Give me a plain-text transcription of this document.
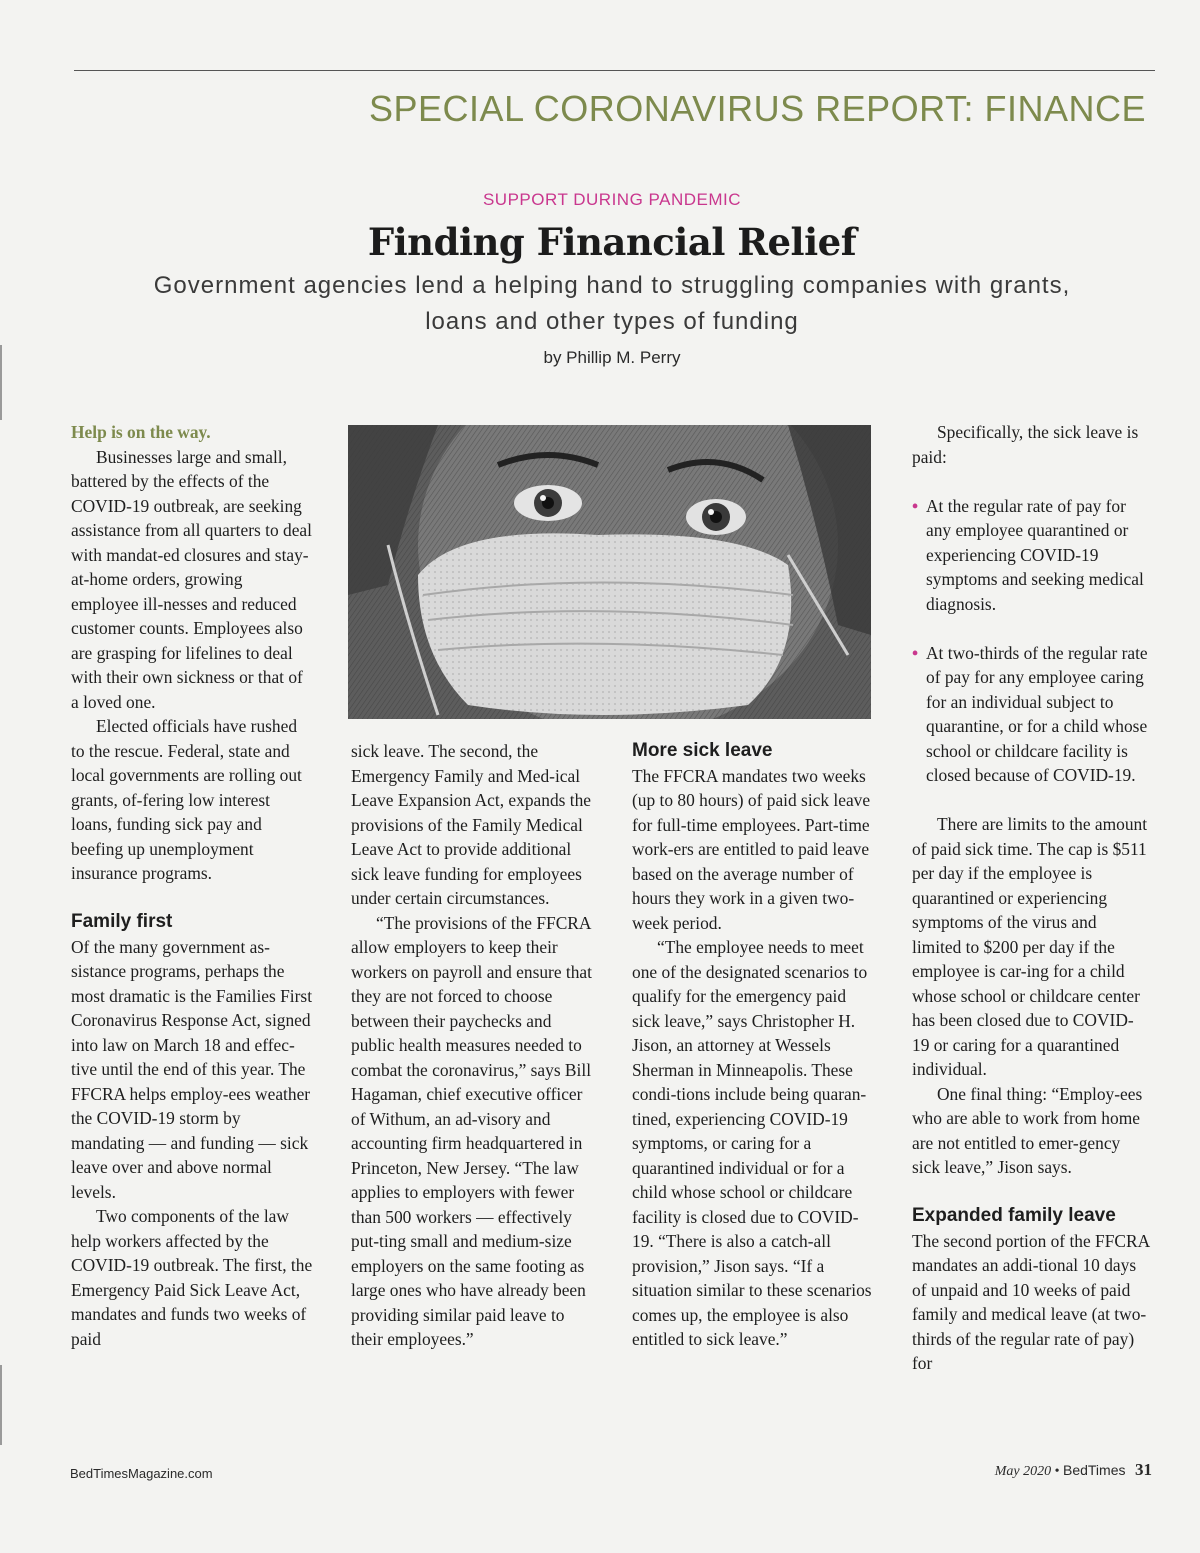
SPECIAL CORONAVIRUS REPORT: FINANCE
SUPPORT DURING PANDEMIC
Finding Financial Relief
Government agencies lend a helping hand to struggling companies with grants, loans and other types of funding
by Phillip M. Perry

Help is on the way.

Businesses large and small, battered by the effects of the COVID-19 outbreak, are seeking assistance from all quarters to deal with mandat-ed closures and stay-at-home orders, growing employee ill-nesses and reduced customer counts. Employees also are grasping for lifelines to deal with their own sickness or that of a loved one.

Elected officials have rushed to the rescue. Federal, state and local governments are rolling out grants, of-fering low interest loans, funding sick pay and beefing up unemployment insurance programs.

Family first

Of the many government as-sistance programs, perhaps the most dramatic is the Families First Coronavirus Response Act, signed into law on March 18 and effec-tive until the end of this year. The FFCRA helps employ-ees weather the COVID-19 storm by mandating — and funding — sick leave over and above normal levels.

Two components of the law help workers affected by the COVID-19 outbreak. The first, the Emergency Paid Sick Leave Act, mandates and funds two weeks of paid

sick leave. The second, the Emergency Family and Med-ical Leave Expansion Act, expands the provisions of the Family Medical Leave Act to provide additional sick leave funding for employees under certain circumstances.

“The provisions of the FFCRA allow employers to keep their workers on payroll and ensure that they are not forced to choose between their paychecks and public health measures needed to combat the coronavirus,” says Bill Hagaman, chief executive officer of Withum, an ad-visory and accounting firm headquartered in Princeton, New Jersey. “The law applies to employers with fewer than 500 workers — effectively put-ting small and medium-size employers on the same footing as large ones who have already been providing similar paid leave to their employees.”

More sick leave

The FFCRA mandates two weeks (up to 80 hours) of paid sick leave for full-time employees. Part-time work-ers are entitled to paid leave based on the average number of hours they work in a given two-week period.

“The employee needs to meet one of the designated scenarios to qualify for the emergency paid sick leave,” says Christopher H. Jison, an attorney at Wessels Sherman in Minneapolis. These condi-tions include being quaran-tined, experiencing COVID-19 symptoms, or caring for a quarantined individual or for a child whose school or childcare facility is closed due to COVID-19. “There is also a catch-all provision,” Jison says. “If a situation similar to these scenarios comes up, the employee is also entitled to sick leave.”

Specifically, the sick leave is paid:

• At the regular rate of pay for any employee quarantined or experiencing COVID-19 symptoms and seeking medical diagnosis.
• At two-thirds of the regular rate of pay for any employee caring for an individual subject to quarantine, or for a child whose school or childcare facility is closed because of COVID-19.

There are limits to the amount of paid sick time. The cap is $511 per day if the employee is quarantined or experiencing symptoms of the virus and limited to $200 per day if the employee is car-ing for a child whose school or childcare center has been closed due to COVID-19 or caring for a quarantined individual.

One final thing: “Employ-ees who are able to work from home are not entitled to emer-gency sick leave,” Jison says.

Expanded family leave

The second portion of the FFCRA mandates an addi-tional 10 days of unpaid and 10 weeks of paid family and medical leave (at two-thirds of the regular rate of pay) for

BedTimesMagazine.com	May 2020 • BedTimes 31
